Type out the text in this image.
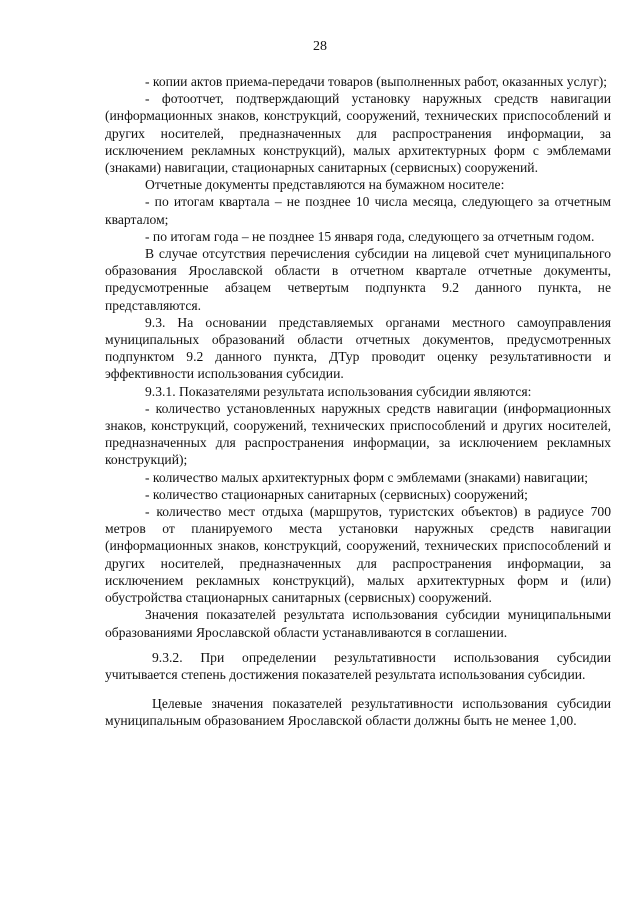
28

- копии актов приема-передачи товаров (выполненных работ, оказанных услуг);

- фотоотчет, подтверждающий установку наружных средств навигации (информационных знаков, конструкций, сооружений, технических приспособлений и других носителей, предназначенных для распространения информации, за исключением рекламных конструкций), малых архитектурных форм с эмблемами (знаками) навигации, стационарных санитарных (сервисных) сооружений.

Отчетные документы представляются на бумажном носителе:

- по итогам квартала – не позднее 10 числа месяца, следующего за отчетным кварталом;

- по итогам года – не позднее 15 января года, следующего за отчетным годом.

В случае отсутствия перечисления субсидии на лицевой счет муниципального образования Ярославской области в отчетном квартале отчетные документы, предусмотренные абзацем четвертым подпункта 9.2 данного пункта, не представляются.

9.3. На основании представляемых органами местного самоуправления муниципальных образований области отчетных документов, предусмотренных подпунктом 9.2 данного пункта, ДТур проводит оценку результативности и эффективности использования субсидии.

9.3.1. Показателями результата использования субсидии являются:

- количество установленных наружных средств навигации (информационных знаков, конструкций, сооружений, технических приспособлений и других носителей, предназначенных для распространения информации, за исключением рекламных конструкций);

- количество малых архитектурных форм с эмблемами (знаками) навигации;

- количество стационарных санитарных (сервисных) сооружений;

- количество мест отдыха (маршрутов, туристских объектов) в радиусе 700 метров от планируемого места установки наружных средств навигации (информационных знаков, конструкций, сооружений, технических приспособлений и других носителей, предназначенных для распространения информации, за исключением рекламных конструкций), малых архитектурных форм и (или) обустройства стационарных санитарных (сервисных) сооружений.

Значения показателей результата использования субсидии муниципальными образованиями Ярославской области устанавливаются в соглашении.

9.3.2. При определении результативности использования субсидии учитывается степень достижения показателей результата использования субсидии.

Целевые значения показателей результативности использования субсидии муниципальным образованием Ярославской области должны быть не менее 1,00.
